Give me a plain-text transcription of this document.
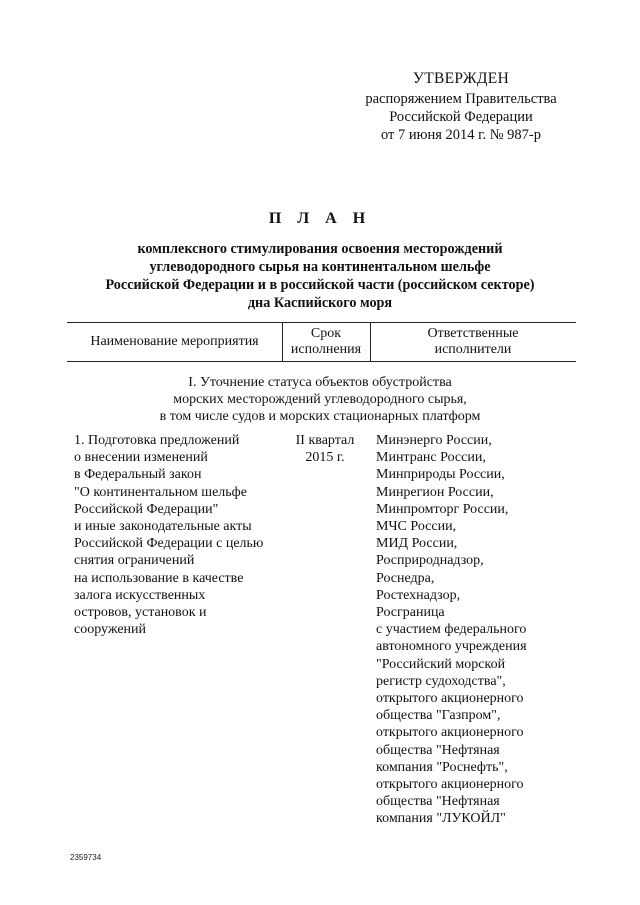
УТВЕРЖДЕН
распоряжением Правительства
Российской Федерации
от 7 июня 2014 г. № 987-р
П Л А Н
комплексного стимулирования освоения месторождений
углеводородного сырья на континентальном шельфе
Российской Федерации и в российской части (российском секторе)
дна Каспийского моря
Наименование мероприятия
Срок
исполнения
Ответственные
исполнители
I. Уточнение статуса объектов обустройства
морских месторождений углеводородного сырья,
в том числе судов и морских стационарных платформ
1. Подготовка предложений
о внесении изменений
в Федеральный закон
"О континентальном шельфе
Российской Федерации"
и иные законодательные акты
Российской Федерации с целью
снятия ограничений
на использование в качестве
залога искусственных
островов, установок и
сооружений
II квартал
2015 г.
Минэнерго России,
Минтранс России,
Минприроды России,
Минрегион России,
Минпромторг России,
МЧС России,
МИД России,
Росприроднадзор,
Роснедра,
Ростехнадзор,
Росграница
с участием федерального
автономного учреждения
"Российский морской
регистр судоходства",
открытого акционерного
общества "Газпром",
открытого акционерного
общества "Нефтяная
компания "Роснефть",
открытого акционерного
общества "Нефтяная
компания "ЛУКОЙЛ"
2359734
